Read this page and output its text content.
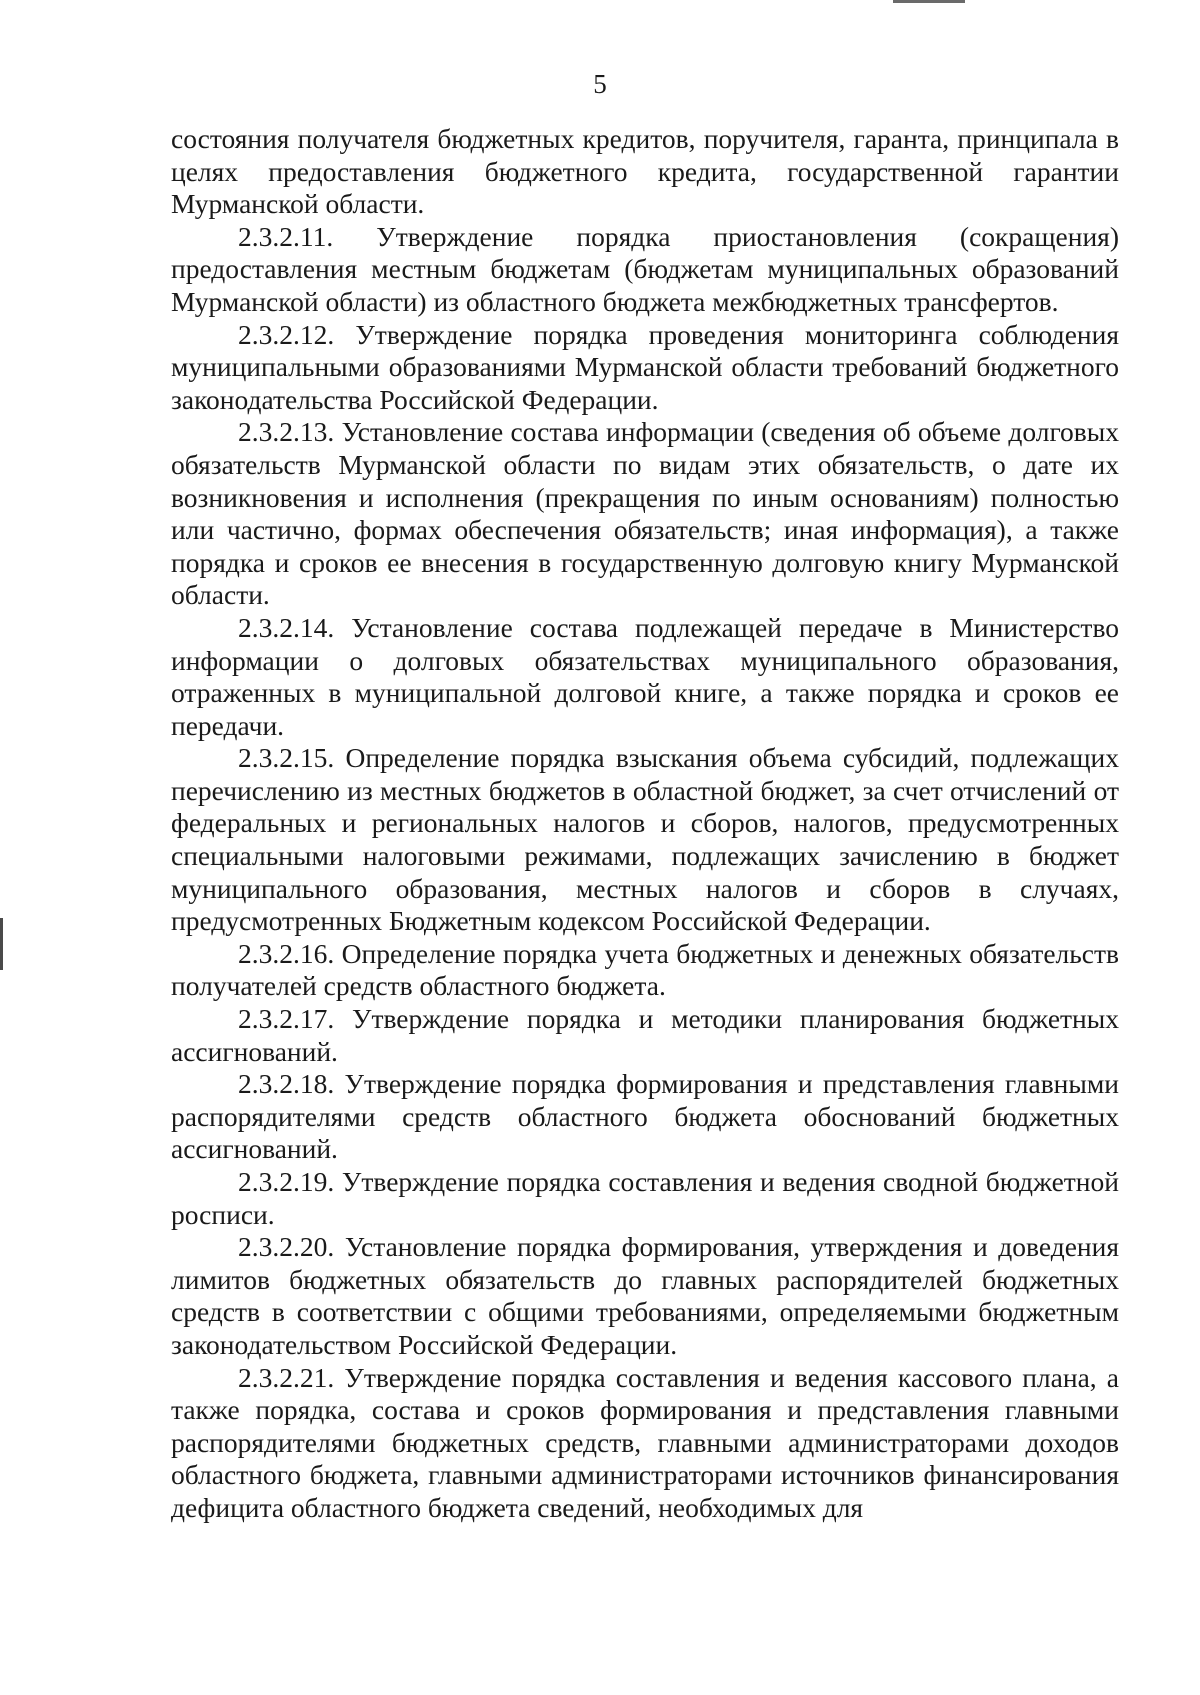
5

состояния получателя бюджетных кредитов, поручителя, гаранта, принципала в целях предоставления бюджетного кредита, государственной гарантии Мурманской области.

2.3.2.11. Утверждение порядка приостановления (сокращения) предоставления местным бюджетам (бюджетам муниципальных образований Мурманской области) из областного бюджета межбюджетных трансфертов.

2.3.2.12. Утверждение порядка проведения мониторинга соблюдения муниципальными образованиями Мурманской области требований бюджетного законодательства Российской Федерации.

2.3.2.13. Установление состава информации (сведения об объеме долговых обязательств Мурманской области по видам этих обязательств, о дате их возникновения и исполнения (прекращения по иным основаниям) полностью или частично, формах обеспечения обязательств; иная информация), а также порядка и сроков ее внесения в государственную долговую книгу Мурманской области.

2.3.2.14. Установление состава подлежащей передаче в Министерство информации о долговых обязательствах муниципального образования, отраженных в муниципальной долговой книге, а также порядка и сроков ее передачи.

2.3.2.15. Определение порядка взыскания объема субсидий, подлежащих перечислению из местных бюджетов в областной бюджет, за счет отчислений от федеральных и региональных налогов и сборов, налогов, предусмотренных специальными налоговыми режимами, подлежащих зачислению в бюджет муниципального образования, местных налогов и сборов в случаях, предусмотренных Бюджетным кодексом Российской Федерации.

2.3.2.16. Определение порядка учета бюджетных и денежных обязательств получателей средств областного бюджета.

2.3.2.17. Утверждение порядка и методики планирования бюджетных ассигнований.

2.3.2.18. Утверждение порядка формирования и представления главными распорядителями средств областного бюджета обоснований бюджетных ассигнований.

2.3.2.19. Утверждение порядка составления и ведения сводной бюджетной росписи.

2.3.2.20. Установление порядка формирования, утверждения и доведения лимитов бюджетных обязательств до главных распорядителей бюджетных средств в соответствии с общими требованиями, определяемыми бюджетным законодательством Российской Федерации.

2.3.2.21. Утверждение порядка составления и ведения кассового плана, а также порядка, состава и сроков формирования и представления главными распорядителями бюджетных средств, главными администраторами доходов областного бюджета, главными администраторами источников финансирования дефицита областного бюджета сведений, необходимых для
